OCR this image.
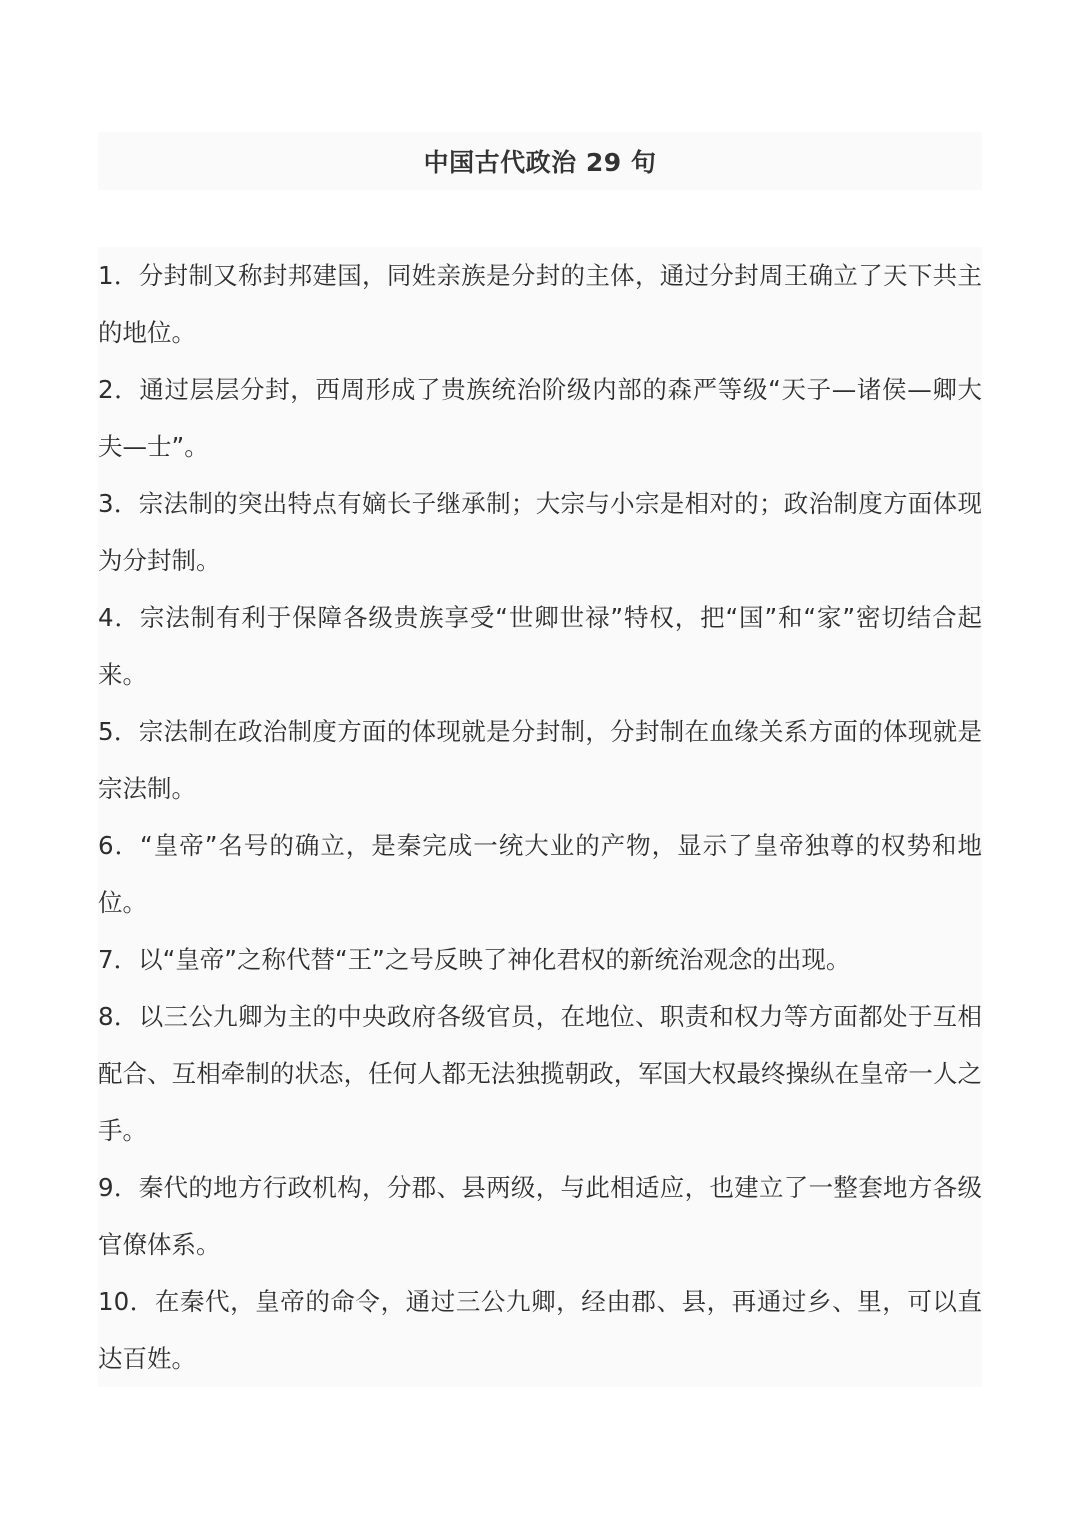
中国古代政治 29 句
1．分封制又称封邦建国，同姓亲族是分封的主体，通过分封周王确立了天下共主的地位。
2．通过层层分封，西周形成了贵族统治阶级内部的森严等级“天子—诸侯—卿大夫—士”。
3．宗法制的突出特点有嫡长子继承制；大宗与小宗是相对的；政治制度方面体现为分封制。
4．宗法制有利于保障各级贵族享受“世卿世禄”特权，把“国”和“家”密切结合起来。
5．宗法制在政治制度方面的体现就是分封制，分封制在血缘关系方面的体现就是宗法制。
6．“皇帝”名号的确立，是秦完成一统大业的产物，显示了皇帝独尊的权势和地位。
7．以“皇帝”之称代替“王”之号反映了神化君权的新统治观念的出现。
8．以三公九卿为主的中央政府各级官员，在地位、职责和权力等方面都处于互相配合、互相牵制的状态，任何人都无法独揽朝政，军国大权最终操纵在皇帝一人之手。
9．秦代的地方行政机构，分郡、县两级，与此相适应，也建立了一整套地方各级官僚体系。
10．在秦代，皇帝的命令，通过三公九卿，经由郡、县，再通过乡、里，可以直达百姓。
